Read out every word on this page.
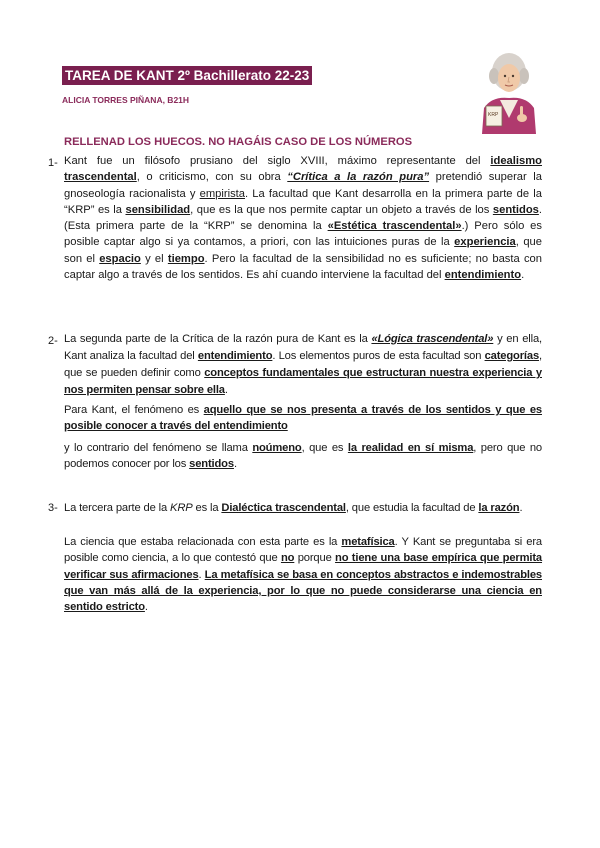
TAREA DE KANT 2º Bachillerato 22-23
ALICIA TORRES PIÑANA, B21H
KRP
RELLENAD LOS HUECOS. NO HAGÁIS CASO DE LOS NÚMEROS
1- Kant fue un filósofo prusiano del siglo XVIII, máximo representante del idealismo trascendental, o criticismo, con su obra “Crítica a la razón pura” pretendió superar la gnoseología racionalista y empirista. La facultad que Kant desarrolla en la primera parte de la “KRP” es la sensibilidad, que es la que nos permite captar un objeto a través de los sentidos. (Esta primera parte de la “KRP” se denomina la «Estética trascendental».) Pero sólo es posible captar algo si ya contamos, a priori, con las intuiciones puras de la experiencia, que son el espacio y el tiempo. Pero la facultad de la sensibilidad no es suficiente; no basta con captar algo a través de los sentidos. Es ahí cuando interviene la facultad del entendimiento.

2- La segunda parte de la Crítica de la razón pura de Kant es la «Lógica trascendental» y en ella, Kant analiza la facultad del entendimiento. Los elementos puros de esta facultad son categorías, que se pueden definir como conceptos fundamentales que estructuran nuestra experiencia y nos permiten pensar sobre ella.

Para Kant, el fenómeno es aquello que se nos presenta a través de los sentidos y que es posible conocer a través del entendimiento

y lo contrario del fenómeno se llama noúmeno, que es la realidad en sí misma, pero que no podemos conocer por los sentidos.

3- La tercera parte de la KRP es la Dialéctica trascendental, que estudia la facultad de la razón.

La ciencia que estaba relacionada con esta parte es la metafísica. Y Kant se preguntaba si era posible como ciencia, a lo que contestó que no porque no tiene una base empírica que permita verificar sus afirmaciones. La metafísica se basa en conceptos abstractos e indemostrables que van más allá de la experiencia, por lo que no puede considerarse una ciencia en sentido estricto.
